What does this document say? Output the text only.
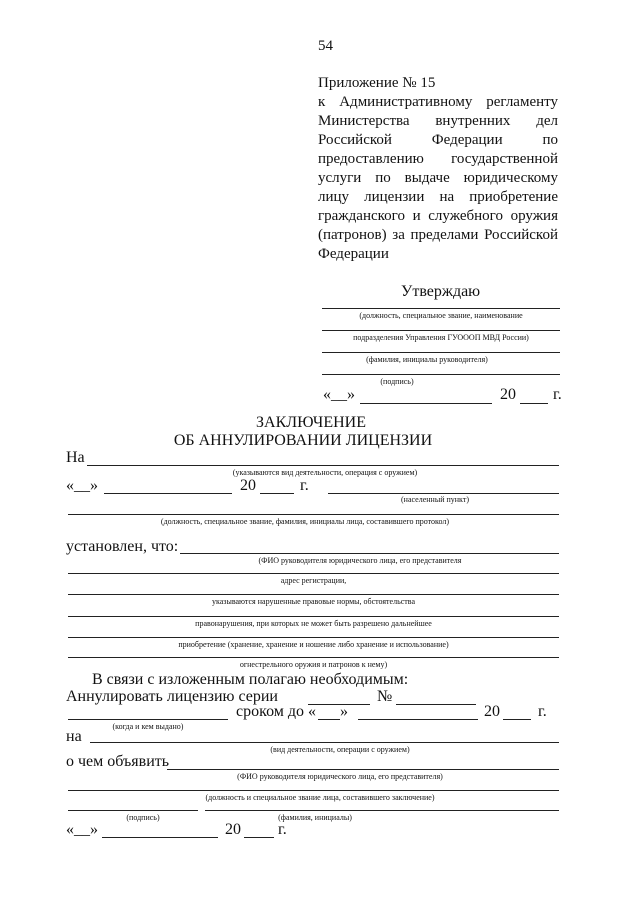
54
Приложение № 15
к Административному регламенту
Министерства внутренних дел
Российской Федерации по
предоставлению государственной
услуги по выдаче юридическому
лицу лицензии на приобретение
гражданского и служебного оружия
(патронов) за пределами Российской
Федерации
Утверждаю
(должность, специальное звание, наименование
подразделения Управления ГУОООП МВД России)
(фамилия, инициалы руководителя)
(подпись)
«__»	20 г.
ЗАКЛЮЧЕНИЕ
ОБ АННУЛИРОВАНИИ ЛИЦЕНЗИИ
На
(указываются вид деятельности, операция с оружием)
«__»	20	г.
(населенный пункт)
(должность, специальное звание, фамилия, инициалы лица, составившего протокол)
установлен, что:
(ФИО руководителя юридического лица, его представителя
адрес регистрации,
указываются нарушенные правовые нормы, обстоятельства
правонарушения, при которых не может быть разрешено дальнейшее
приобретение (хранение, хранение и ношение либо хранение и использование)
огнестрельного оружия и патронов к нему)
В связи с изложенным полагаю необходимым:
Аннулировать лицензию серии	№
(когда и кем выдано)
сроком до « »	20 г.
на
(вид деятельности, операции с оружием)
о чем объявить
(ФИО руководителя юридического лица, его представителя)
(должность и специальное звание лица, составившего заключение)
(подпись)	(фамилия, инициалы)
«__»	20 г.
